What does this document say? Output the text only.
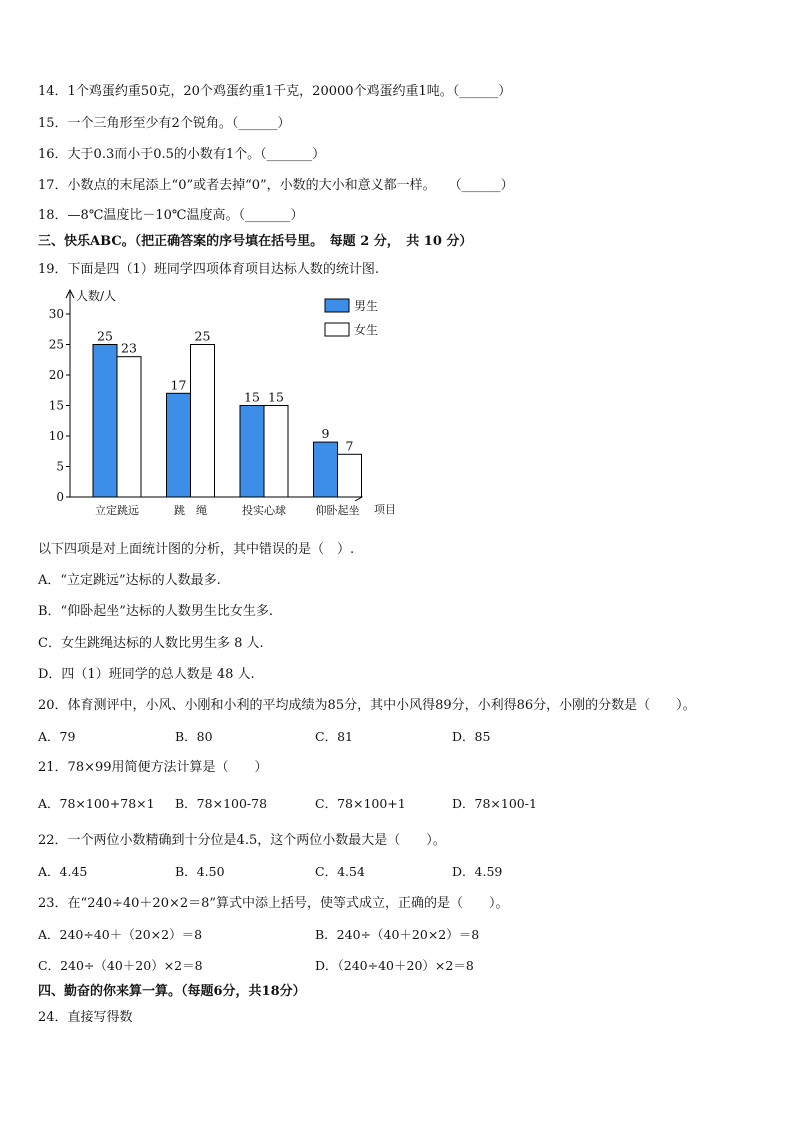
14．1个鸡蛋约重50克，20个鸡蛋约重1千克，20000个鸡蛋约重1吨。（______）
15．一个三角形至少有2个锐角。（______）
16．大于0.3而小于0.5的小数有1个。（_______）
17．小数点的末尾添上“0”或者去掉“0”，小数的大小和意义都一样。　　（______）
18．—8℃温度比－10℃温度高。（_______）
三、快乐ABC。（把正确答案的序号填在括号里。　每题 2 分，　共 10 分）
19．下面是四（1）班同学四项体育项目达标人数的统计图.
人数/人
项目
0
5
10
15
20
25
30
25
23
立定跳远
17
25
跳　绳
15 15
投实心球
9
7
仰卧起坐
男生
女生
以下四项是对上面统计图的分析，其中错误的是（　）.
A．“立定跳远”达标的人数最多.
B．“仰卧起坐”达标的人数男生比女生多.
C．女生跳绳达标的人数比男生多 8 人.
D．四（1）班同学的总人数是 48 人.
20．体育测评中，小风、小刚和小利的平均成绩为85分，其中小风得89分，小利得86分，小刚的分数是（　　）。
A．79	B．80	C．81	D．85
21．78×99用简便方法计算是（　　）
A．78×100+78×1 B．78×100-78	C．78×100+1	D．78×100-1
22．一个两位小数精确到十分位是4.5，这个两位小数最大是（　　）。
A．4.45	B．4.50	C．4.54	D．4.59
23．在“240÷40＋20×2＝8”算式中添上括号，使等式成立，正确的是（　　）。
A．240÷40＋（20×2）＝8	B．240÷（40＋20×2）＝8
C．240÷（40＋20）×2＝8	D．（240÷40＋20）×2＝8
四、勤奋的你来算一算。（每题6分，共18分）
24．直接写得数
